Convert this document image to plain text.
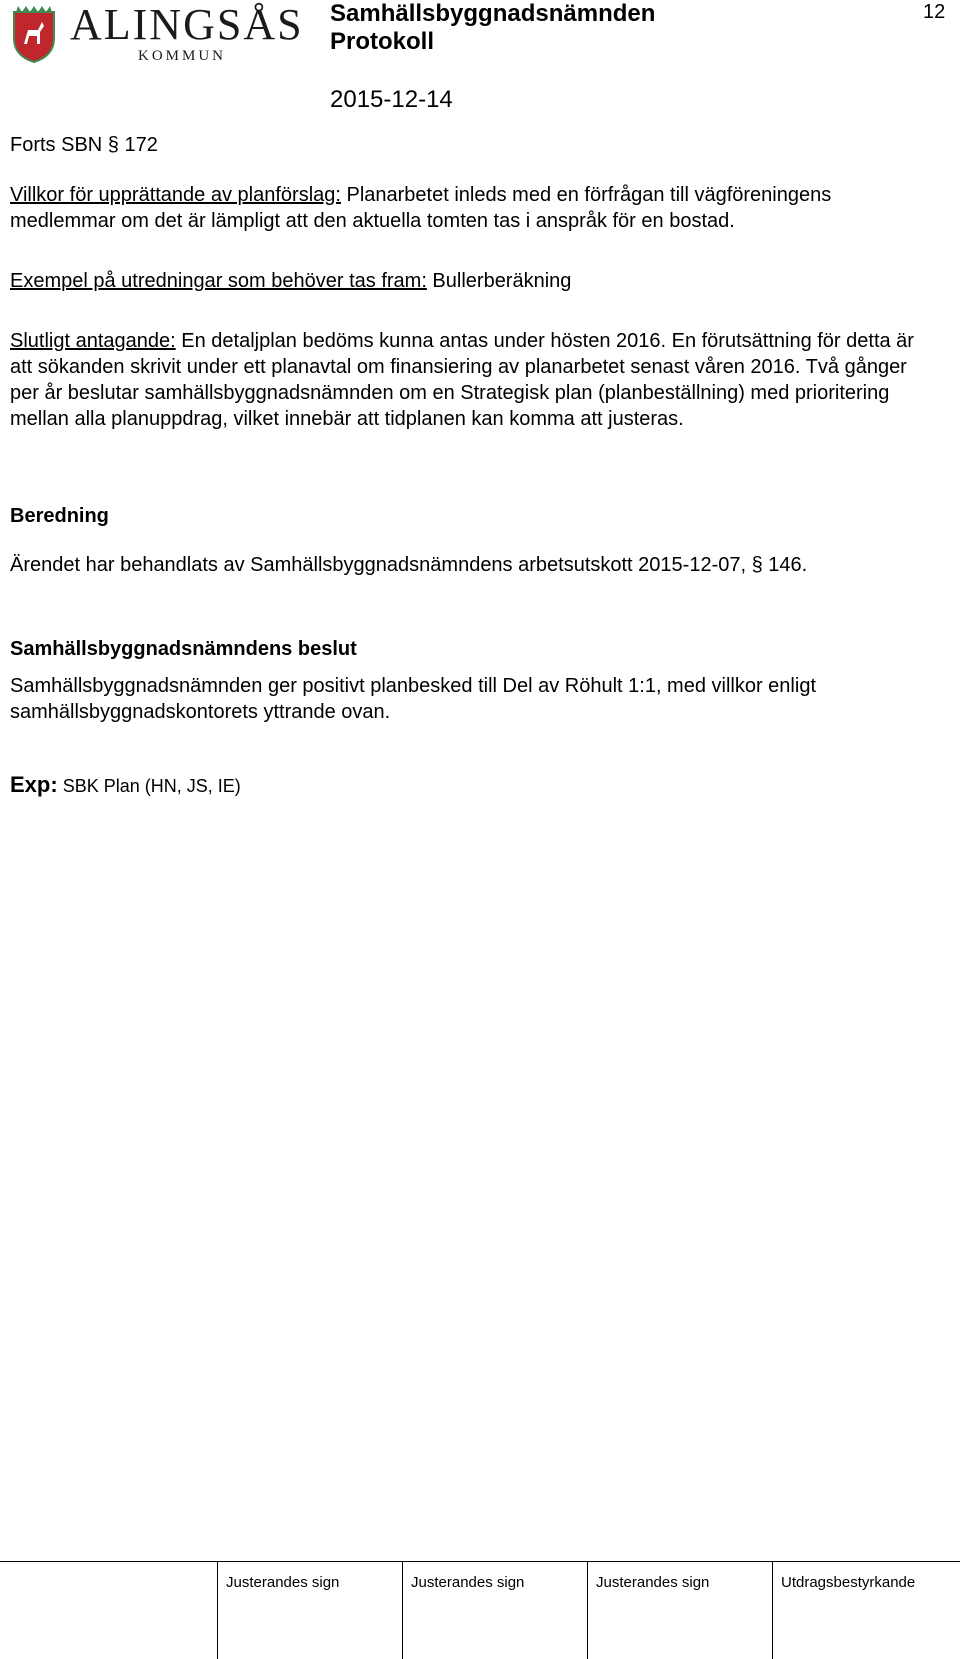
ALINGSÅS
KOMMUN
Samhällsbyggnadsnämnden
Protokoll
2015-12-14
12
Forts SBN § 172
Villkor för upprättande av planförslag: Planarbetet inleds med en förfrågan till vägföreningens medlemmar om det är lämpligt att den aktuella tomten tas i anspråk för en bostad.
Exempel på utredningar som behöver tas fram: Bullerberäkning
Slutligt antagande: En detaljplan bedöms kunna antas under hösten 2016. En förutsättning för detta är att sökanden skrivit under ett planavtal om finansiering av planarbetet senast våren 2016. Två gånger per år beslutar samhällsbyggnadsnämnden om en Strategisk plan (planbeställning) med prioritering mellan alla planuppdrag, vilket innebär att tidplanen kan komma att justeras.
Beredning
Ärendet har behandlats av Samhällsbyggnadsnämndens arbetsutskott 2015-12-07, § 146.
Samhällsbyggnadsnämndens beslut
Samhällsbyggnadsnämnden ger positivt planbesked till Del av Röhult 1:1, med villkor enligt samhällsbyggnadskontorets yttrande ovan.
Exp: SBK Plan (HN, JS, IE)
Justerandes sign	Justerandes sign	Justerandes sign	Utdragsbestyrkande
